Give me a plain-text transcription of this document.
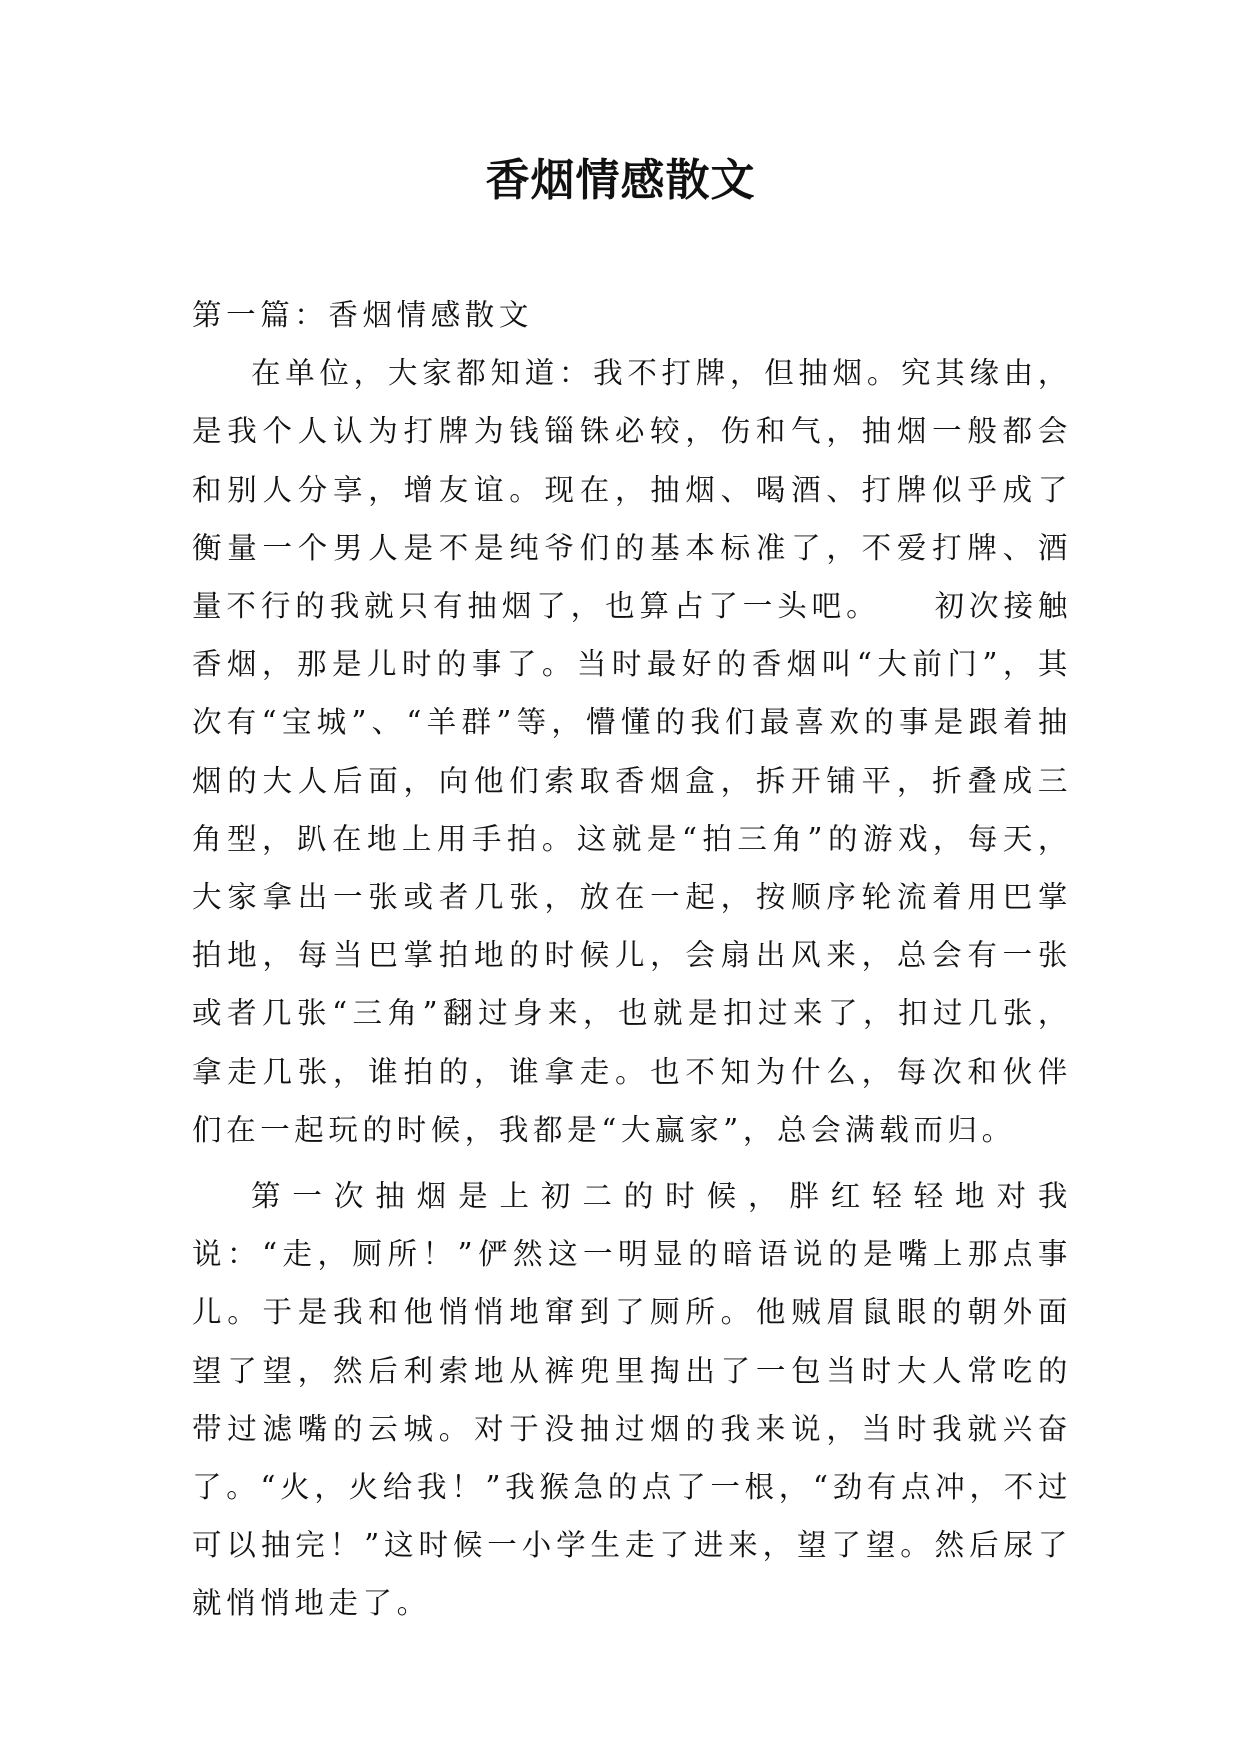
香烟情感散文

第一篇：香烟情感散文

在单位，大家都知道：我不打牌，但抽烟。究其缘由，是我个人认为打牌为钱锱铢必较，伤和气，抽烟一般都会和别人分享，增友谊。现在，抽烟、喝酒、打牌似乎成了衡量一个男人是不是纯爷们的基本标准了，不爱打牌、酒量不行的我就只有抽烟了，也算占了一头吧。　　初次接触香烟，那是儿时的事了。当时最好的香烟叫“大前门”，其次有“宝城”、“羊群”等，懵懂的我们最喜欢的事是跟着抽烟的大人后面，向他们索取香烟盒，拆开铺平，折叠成三角型，趴在地上用手拍。这就是“拍三角”的游戏，每天，大家拿出一张或者几张，放在一起，按顺序轮流着用巴掌拍地，每当巴掌拍地的时候儿，会扇出风来，总会有一张或者几张“三角”翻过身来，也就是扣过来了，扣过几张，拿走几张，谁拍的，谁拿走。也不知为什么，每次和伙伴们在一起玩的时候，我都是“大赢家”，总会满载而归。

第一次抽烟是上初二的时候，胖红轻轻地对我说：“走，厕所！”俨然这一明显的暗语说的是嘴上那点事儿。于是我和他悄悄地窜到了厕所。他贼眉鼠眼的朝外面望了望，然后利索地从裤兜里掏出了一包当时大人常吃的带过滤嘴的云城。对于没抽过烟的我来说，当时我就兴奋了。“火，火给我！”我猴急的点了一根，“劲有点冲，不过可以抽完！”这时候一小学生走了进来，望了望。然后尿了就悄悄地走了。
